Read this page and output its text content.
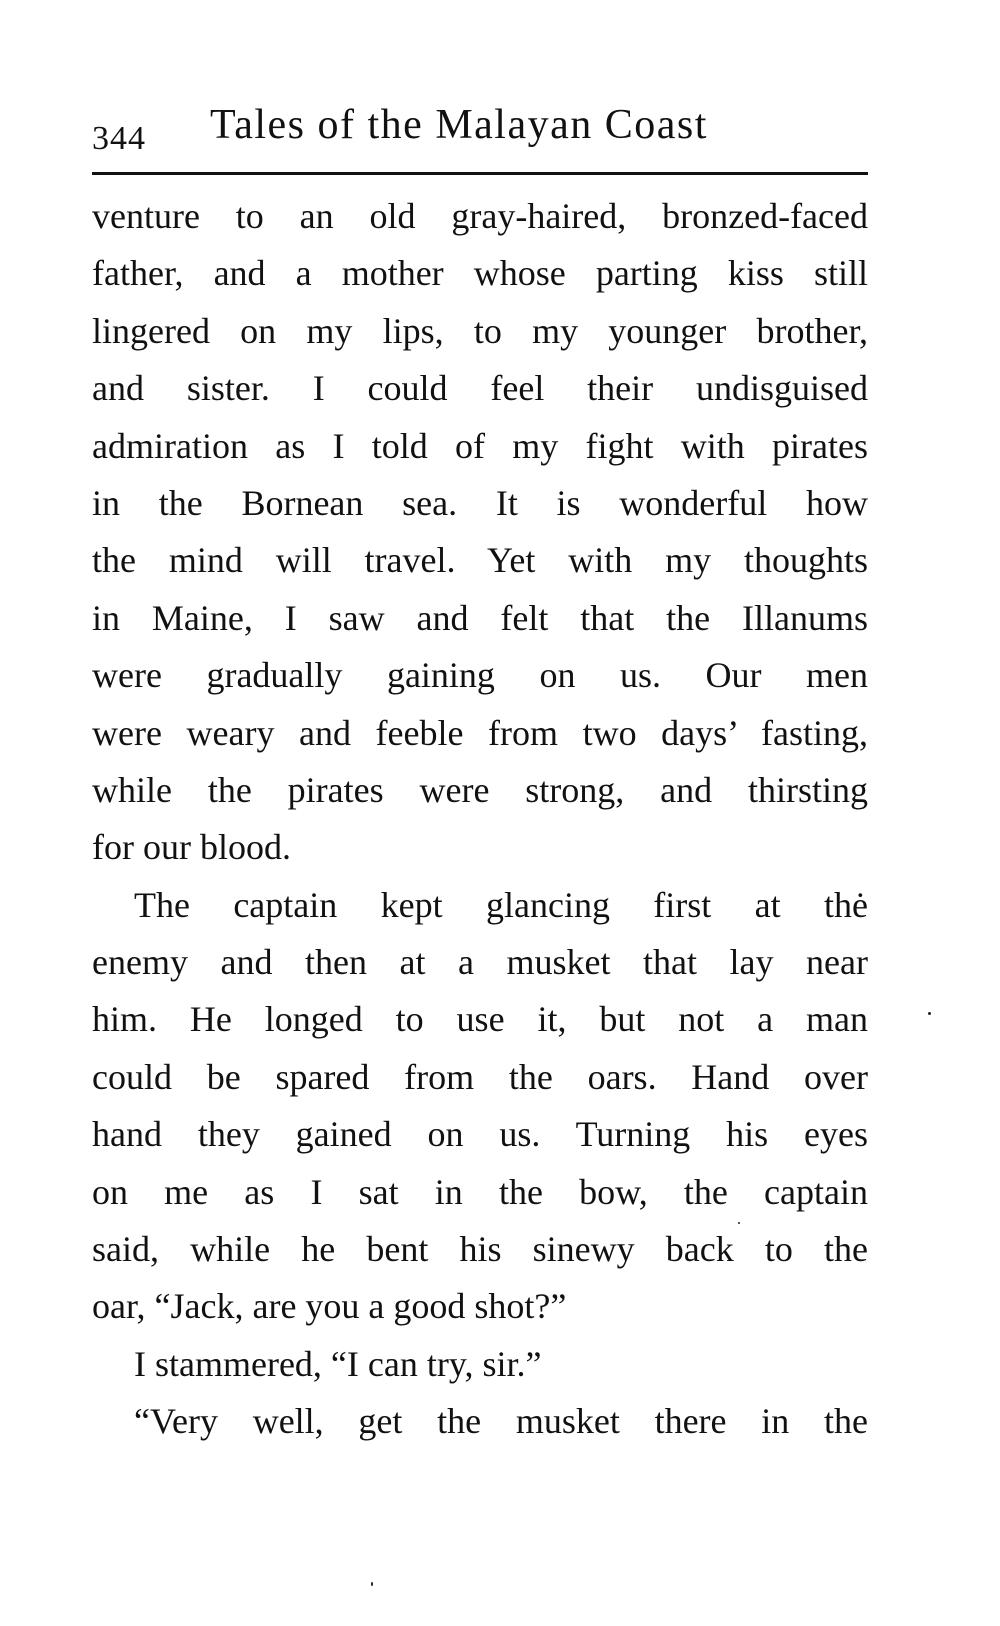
344 Tales of the Malayan Coast
venture to an old gray-haired, bronzed-faced
father, and a mother whose parting kiss still
lingered on my lips, to my younger brother,
and sister. I could feel their undisguised
admiration as I told of my fight with pirates
in the Bornean sea. It is wonderful how
the mind will travel. Yet with my thoughts
in Maine, I saw and felt that the Illanums
were gradually gaining on us. Our men
were weary and feeble from two days’ fasting,
while the pirates were strong, and thirsting
for our blood.
The captain kept glancing first at thė
enemy and then at a musket that lay near
him. He longed to use it, but not a man
could be spared from the oars. Hand over
hand they gained on us. Turning his eyes
on me as I sat in the bow, the captain
said, while he bent his sinewy back to the
oar, “Jack, are you a good shot?”
I stammered, “I can try, sir.”
“Very well, get the musket there in the
